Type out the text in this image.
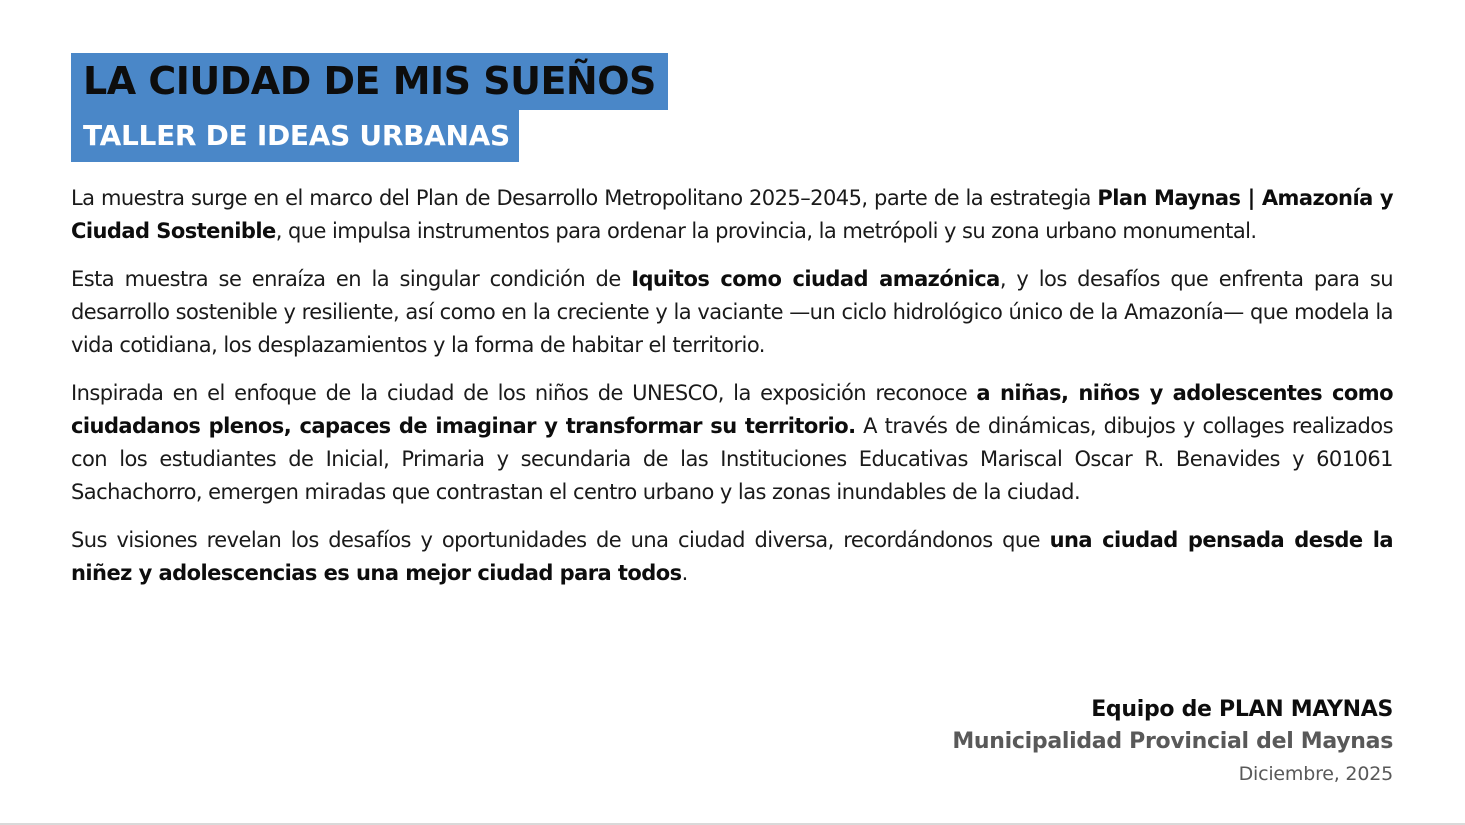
LA CIUDAD DE MIS SUEÑOS
TALLER DE IDEAS URBANAS

La muestra surge en el marco del Plan de Desarrollo Metropolitano 2025–2045, parte de la estrategia Plan Maynas | Amazonía y Ciudad Sostenible, que impulsa instrumentos para ordenar la provincia, la metrópoli y su zona urbano monumental.

Esta muestra se enraíza en la singular condición de Iquitos como ciudad amazónica, y los desafíos que enfrenta para su desarrollo sostenible y resiliente, así como en la creciente y la vaciante —un ciclo hidrológico único de la Amazonía— que modela la vida cotidiana, los desplazamientos y la forma de habitar el territorio.

Inspirada en el enfoque de la ciudad de los niños de UNESCO, la exposición reconoce a niñas, niños y adolescentes como ciudadanos plenos, capaces de imaginar y transformar su territorio. A través de dinámicas, dibujos y collages realizados con los estudiantes de Inicial, Primaria y secundaria de las Instituciones Educativas Mariscal Oscar R. Benavides y 601061 Sachachorro, emergen miradas que contrastan el centro urbano y las zonas inundables de la ciudad.

Sus visiones revelan los desafíos y oportunidades de una ciudad diversa, recordándonos que una ciudad pensada desde la niñez y adolescencias es una mejor ciudad para todos.

Equipo de PLAN MAYNAS
Municipalidad Provincial del Maynas
Diciembre, 2025
